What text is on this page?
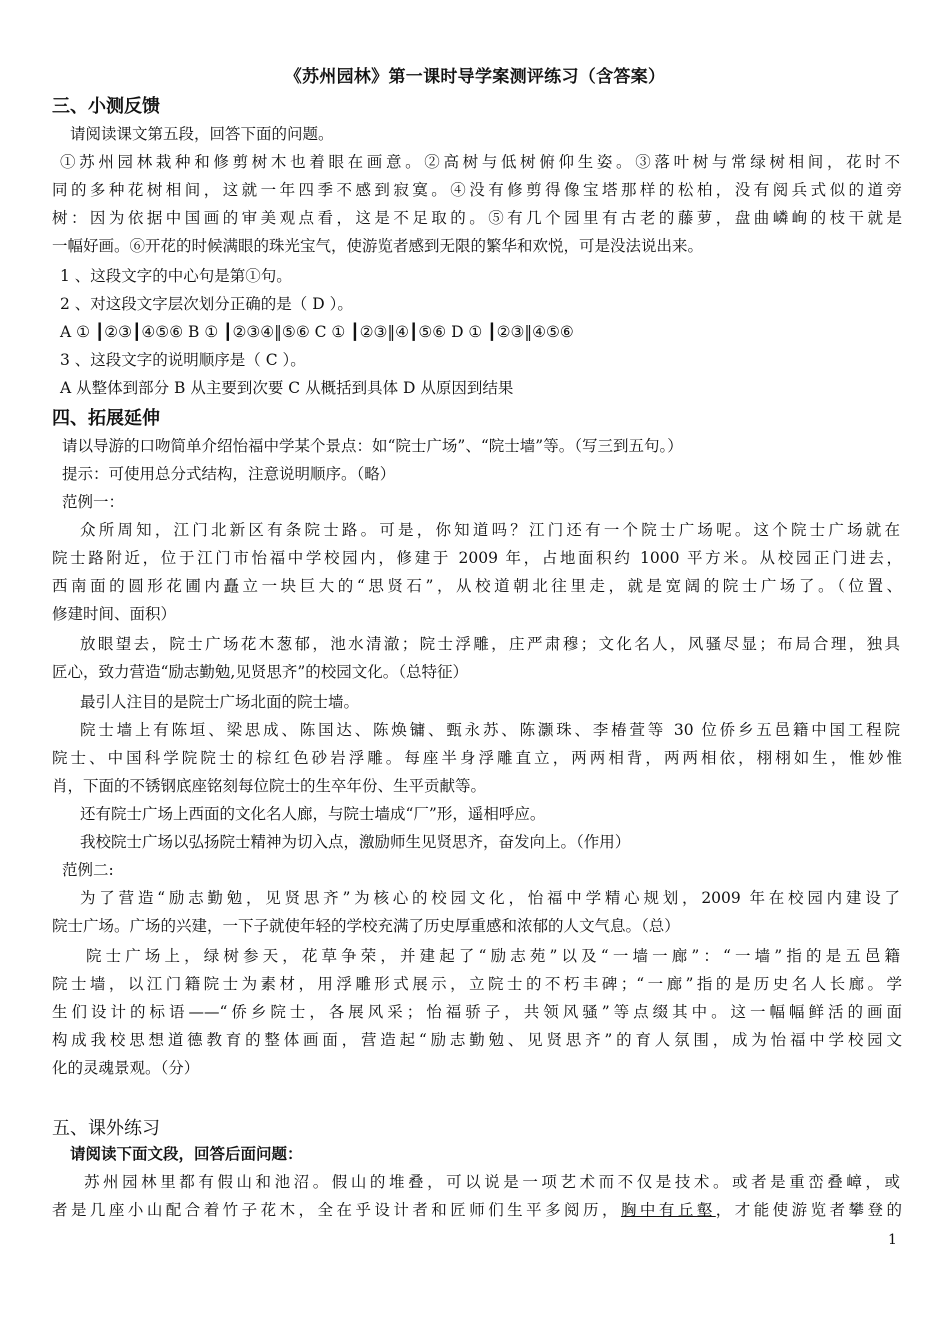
《苏州园林》第一课时导学案测评练习（含答案）
三、小测反馈
请阅读课文第五段，回答下面的问题。
①苏州园林栽种和修剪树木也着眼在画意。②高树与低树俯仰生姿。③落叶树与常绿树相间，花时不
同的多种花树相间，这就一年四季不感到寂寞。④没有修剪得像宝塔那样的松柏，没有阅兵式似的道旁
树：因为依据中国画的审美观点看，这是不足取的。⑤有几个园里有古老的藤萝，盘曲嶙峋的枝干就是
一幅好画。⑥开花的时候满眼的珠光宝气，使游览者感到无限的繁华和欢悦，可是没法说出来。
1 、这段文字的中心句是第①句。
2 、对这段文字层次划分正确的是（ D ）。
A ① ┃②③┃④⑤⑥ B ① ┃②③④‖⑤⑥ C ① ┃②③‖④┃⑤⑥ D ① ┃②③‖④⑤⑥
3 、这段文字的说明顺序是（ C ）。
A 从整体到部分 B 从主要到次要 C 从概括到具体 D 从原因到结果
四、拓展延伸
请以导游的口吻简单介绍怡福中学某个景点：如“院士广场”、“院士墙”等。（写三到五句。）
提示：可使用总分式结构，注意说明顺序。（略）
范例一：
众所周知，江门北新区有条院士路。可是，你知道吗？江门还有一个院士广场呢。这个院士广场就在
院士路附近，位于江门市怡福中学校园内，修建于 2009 年，占地面积约 1000 平方米。从校园正门进去，
西南面的圆形花圃内矗立一块巨大的“思贤石”，从校道朝北往里走，就是宽阔的院士广场了。（位置、
修建时间、面积）
放眼望去，院士广场花木葱郁，池水清澈；院士浮雕，庄严肃穆；文化名人，风骚尽显；布局合理，独具
匠心，致力营造“励志勤勉,见贤思齐”的校园文化。（总特征）
最引人注目的是院士广场北面的院士墙。
院士墙上有陈垣、梁思成、陈国达、陈焕镛、甄永苏、陈灏珠、李椿萱等 30 位侨乡五邑籍中国工程院
院士、中国科学院院士的棕红色砂岩浮雕。每座半身浮雕直立，两两相背，两两相依，栩栩如生，惟妙惟
肖，下面的不锈钢底座铭刻每位院士的生卒年份、生平贡献等。
还有院士广场上西面的文化名人廊，与院士墙成“厂”形，遥相呼应。
我校院士广场以弘扬院士精神为切入点，激励师生见贤思齐，奋发向上。（作用）
范例二:
为了营造“励志勤勉，见贤思齐”为核心的校园文化，怡福中学精心规划，2009 年在校园内建设了
院士广场。广场的兴建，一下子就使年轻的学校充满了历史厚重感和浓郁的人文气息。（总）
院士广场上，绿树参天，花草争荣，并建起了“励志苑”以及“一墙一廊”：“一墙”指的是五邑籍
院士墙，以江门籍院士为素材，用浮雕形式展示，立院士的不朽丰碑；“一廊”指的是历史名人长廊。学
生们设计的标语——“侨乡院士，各展风采；怡福骄子，共领风骚”等点缀其中。这一幅幅鲜活的画面
构成我校思想道德教育的整体画面，营造起“励志勤勉、见贤思齐”的育人氛围，成为怡福中学校园文
化的灵魂景观。（分）
五、课外练习
请阅读下面文段，回答后面问题：
苏州园林里都有假山和池沼。假山的堆叠，可以说是一项艺术而不仅是技术。或者是重峦叠嶂，或
者是几座小山配合着竹子花木，全在乎设计者和匠师们生平多阅历，胸中有丘壑，才能使游览者攀登的
1
